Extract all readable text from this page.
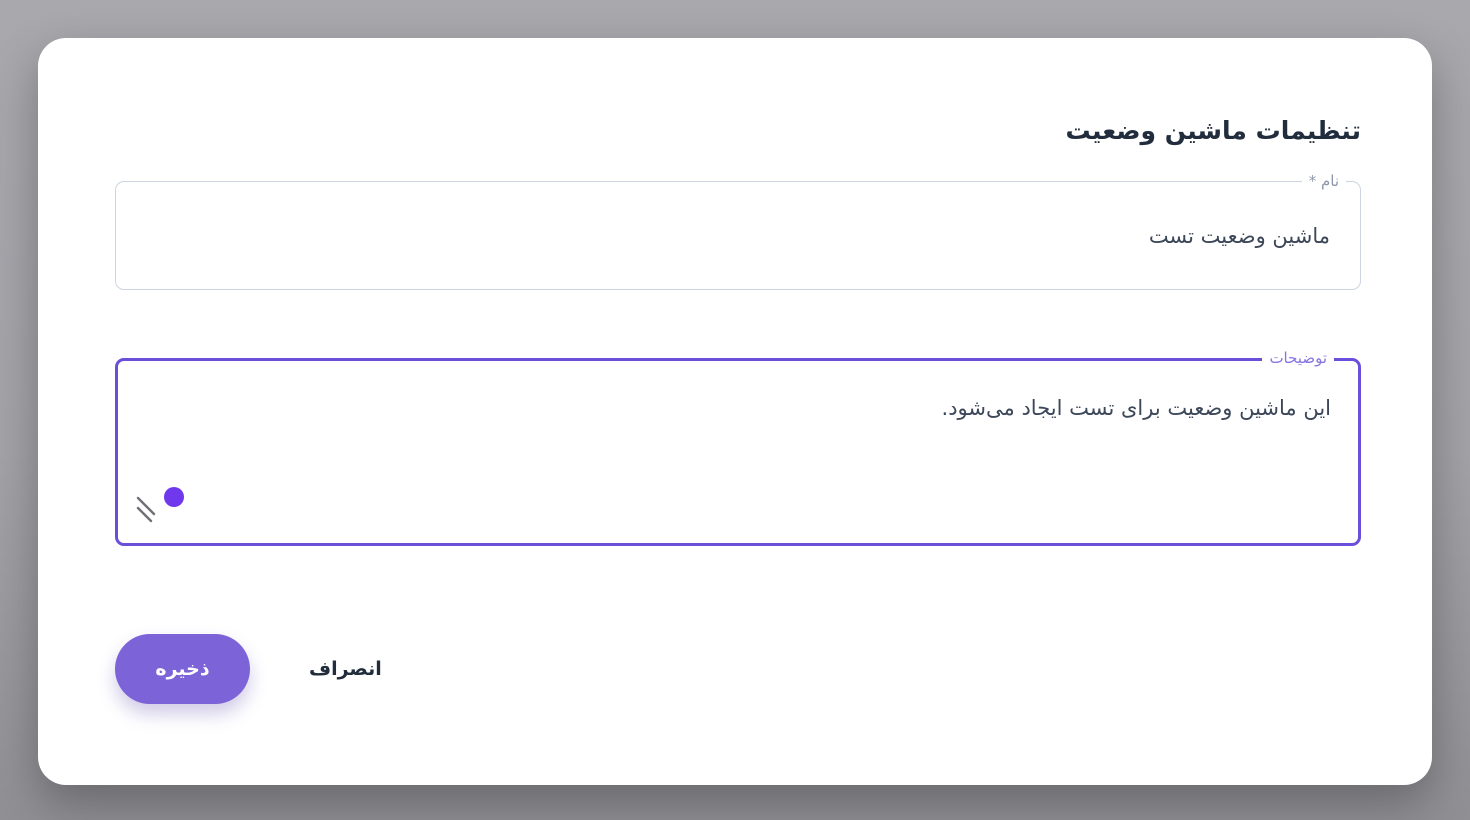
تنظیمات ماشین وضعیت
نام *
ماشین وضعیت تست
توضیحات
این ماشین وضعیت برای تست ایجاد می‌شود.
ذخیره	انصراف
